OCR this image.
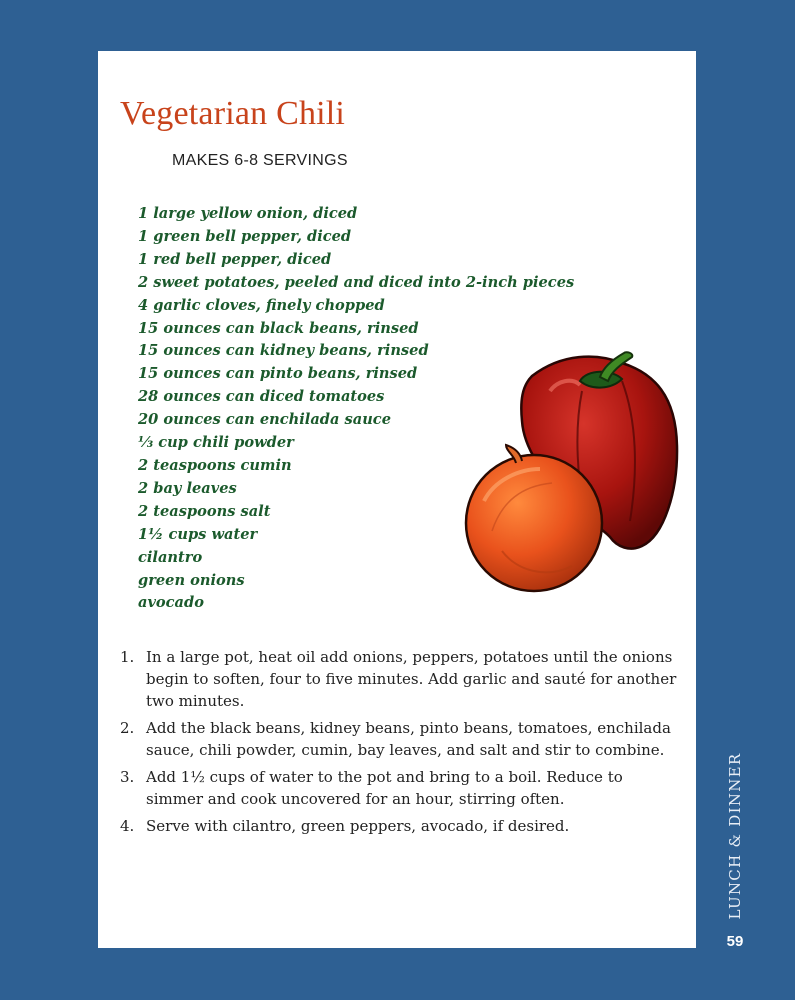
Vegetarian Chili
MAKES 6-8 SERVINGS
1 large yellow onion, diced
1 green bell pepper, diced
1 red bell pepper, diced
2 sweet potatoes, peeled and diced into 2-inch pieces
4 garlic cloves, finely chopped
15 ounces can black beans, rinsed
15 ounces can kidney beans, rinsed
15 ounces can pinto beans, rinsed
28 ounces can diced tomatoes
20 ounces can enchilada sauce
⅓ cup chili powder
2 teaspoons cumin
2 bay leaves
2 teaspoons salt
1½ cups water
cilantro
green onions
avocado
1. In a large pot, heat oil add onions, peppers, potatoes until the onions begin to soften, four to five minutes. Add garlic and sauté for another two minutes.
2. Add the black beans, kidney beans, pinto beans, tomatoes, enchilada sauce, chili powder, cumin, bay leaves, and salt and stir to combine.
3. Add 1½ cups of water to the pot and bring to a boil. Reduce to simmer and cook uncovered for an hour, stirring often.
4. Serve with cilantro, green peppers, avocado, if desired.	LUNCH & DINNER
59
